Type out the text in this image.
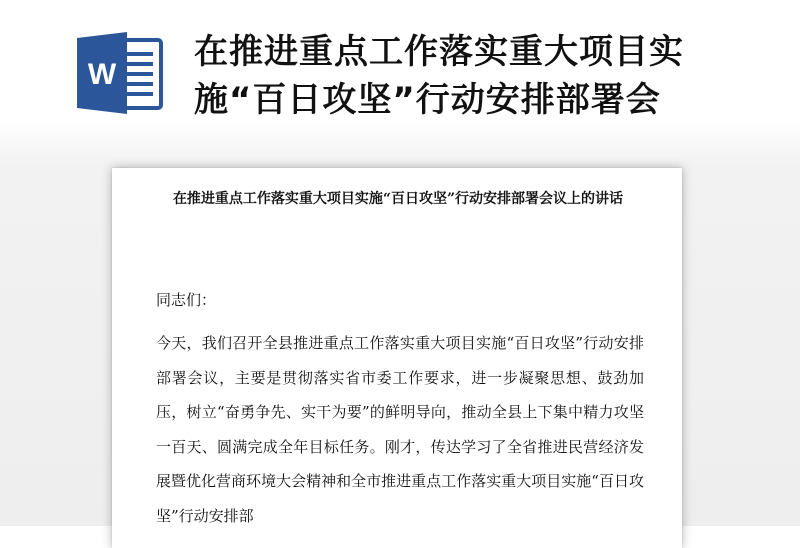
W
在推进重点工作落实重大项目实施“百日攻坚”行动安排部署会
在推进重点工作落实重大项目实施“百日攻坚”行动安排部署会议上的讲话

同志们：

今天，我们召开全县推进重点工作落实重大项目实施“百日攻坚”行动安排部署会议，主要是贯彻落实省市委工作要求，进一步凝聚思想、鼓劲加压，树立“奋勇争先、实干为要”的鲜明导向，推动全县上下集中精力攻坚一百天、圆满完成全年目标任务。刚才，传达学习了全省推进民营经济发展暨优化营商环境大会精神和全市推进重点工作落实重大项目实施“百日攻坚”行动安排部
